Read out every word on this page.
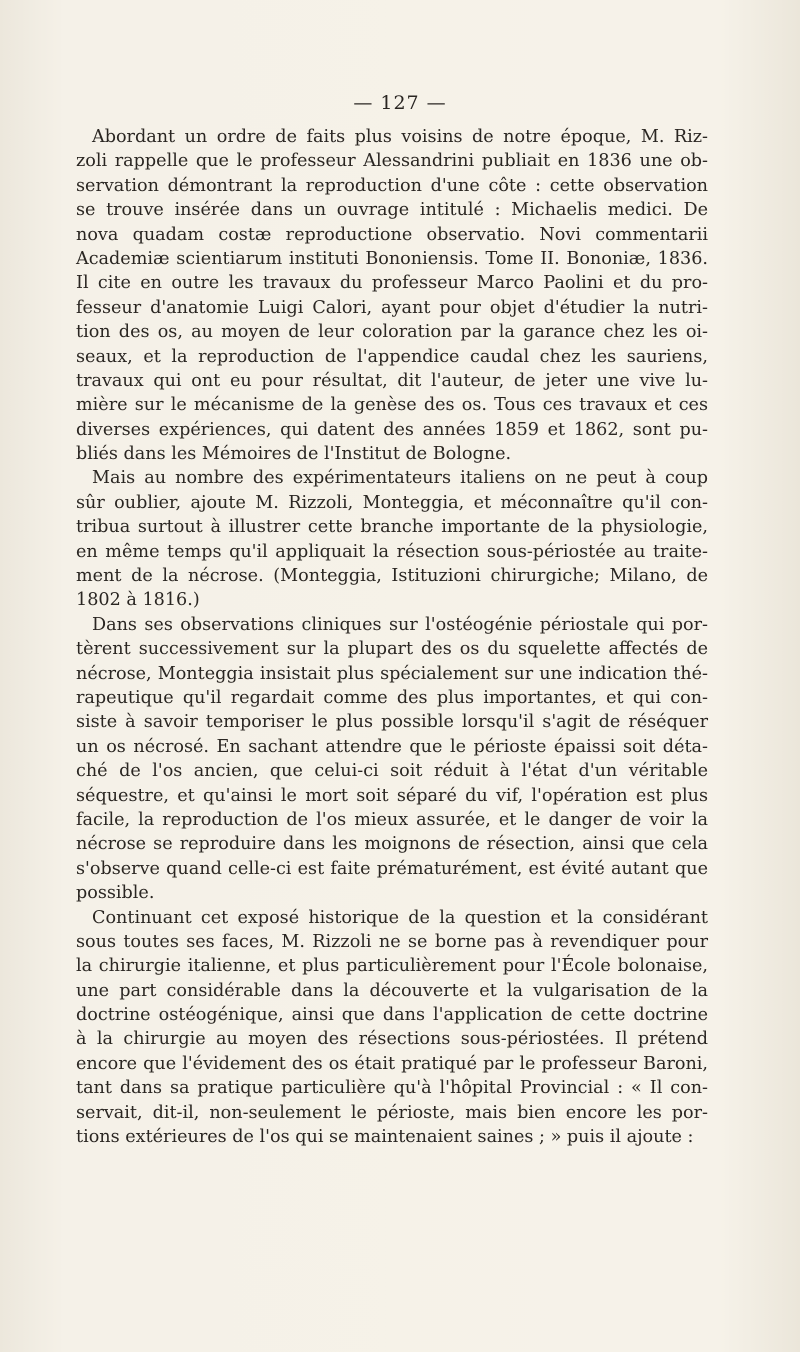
— 127 —
Abordant un ordre de faits plus voisins de notre époque, M. Riz-
zoli rappelle que le professeur Alessandrini publiait en 1836 une ob-
servation démontrant la reproduction d'une côte : cette observation
se trouve insérée dans un ouvrage intitulé : Michaelis medici. De
nova quadam costæ reproductione observatio. Novi commentarii
Academiæ scientiarum instituti Bononiensis. Tome II. Bononiæ, 1836.
Il cite en outre les travaux du professeur Marco Paolini et du pro-
fesseur d'anatomie Luigi Calori, ayant pour objet d'étudier la nutri-
tion des os, au moyen de leur coloration par la garance chez les oi-
seaux, et la reproduction de l'appendice caudal chez les sauriens,
travaux qui ont eu pour résultat, dit l'auteur, de jeter une vive lu-
mière sur le mécanisme de la genèse des os. Tous ces travaux et ces
diverses expériences, qui datent des années 1859 et 1862, sont pu-
bliés dans les Mémoires de l'Institut de Bologne.
Mais au nombre des expérimentateurs italiens on ne peut à coup
sûr oublier, ajoute M. Rizzoli, Monteggia, et méconnaître qu'il con-
tribua surtout à illustrer cette branche importante de la physiologie,
en même temps qu'il appliquait la résection sous-périostée au traite-
ment de la nécrose. (Monteggia, Istituzioni chirurgiche; Milano, de
1802 à 1816.)
Dans ses observations cliniques sur l'ostéogénie périostale qui por-
tèrent successivement sur la plupart des os du squelette affectés de
nécrose, Monteggia insistait plus spécialement sur une indication thé-
rapeutique qu'il regardait comme des plus importantes, et qui con-
siste à savoir temporiser le plus possible lorsqu'il s'agit de réséquer
un os nécrosé. En sachant attendre que le périoste épaissi soit déta-
ché de l'os ancien, que celui-ci soit réduit à l'état d'un véritable
séquestre, et qu'ainsi le mort soit séparé du vif, l'opération est plus
facile, la reproduction de l'os mieux assurée, et le danger de voir la
nécrose se reproduire dans les moignons de résection, ainsi que cela
s'observe quand celle-ci est faite prématurément, est évité autant que
possible.
Continuant cet exposé historique de la question et la considérant
sous toutes ses faces, M. Rizzoli ne se borne pas à revendiquer pour
la chirurgie italienne, et plus particulièrement pour l'École bolonaise,
une part considérable dans la découverte et la vulgarisation de la
doctrine ostéogénique, ainsi que dans l'application de cette doctrine
à la chirurgie au moyen des résections sous-périostées. Il prétend
encore que l'évidement des os était pratiqué par le professeur Baroni,
tant dans sa pratique particulière qu'à l'hôpital Provincial : « Il con-
servait, dit-il, non-seulement le périoste, mais bien encore les por-
tions extérieures de l'os qui se maintenaient saines ; » puis il ajoute :
